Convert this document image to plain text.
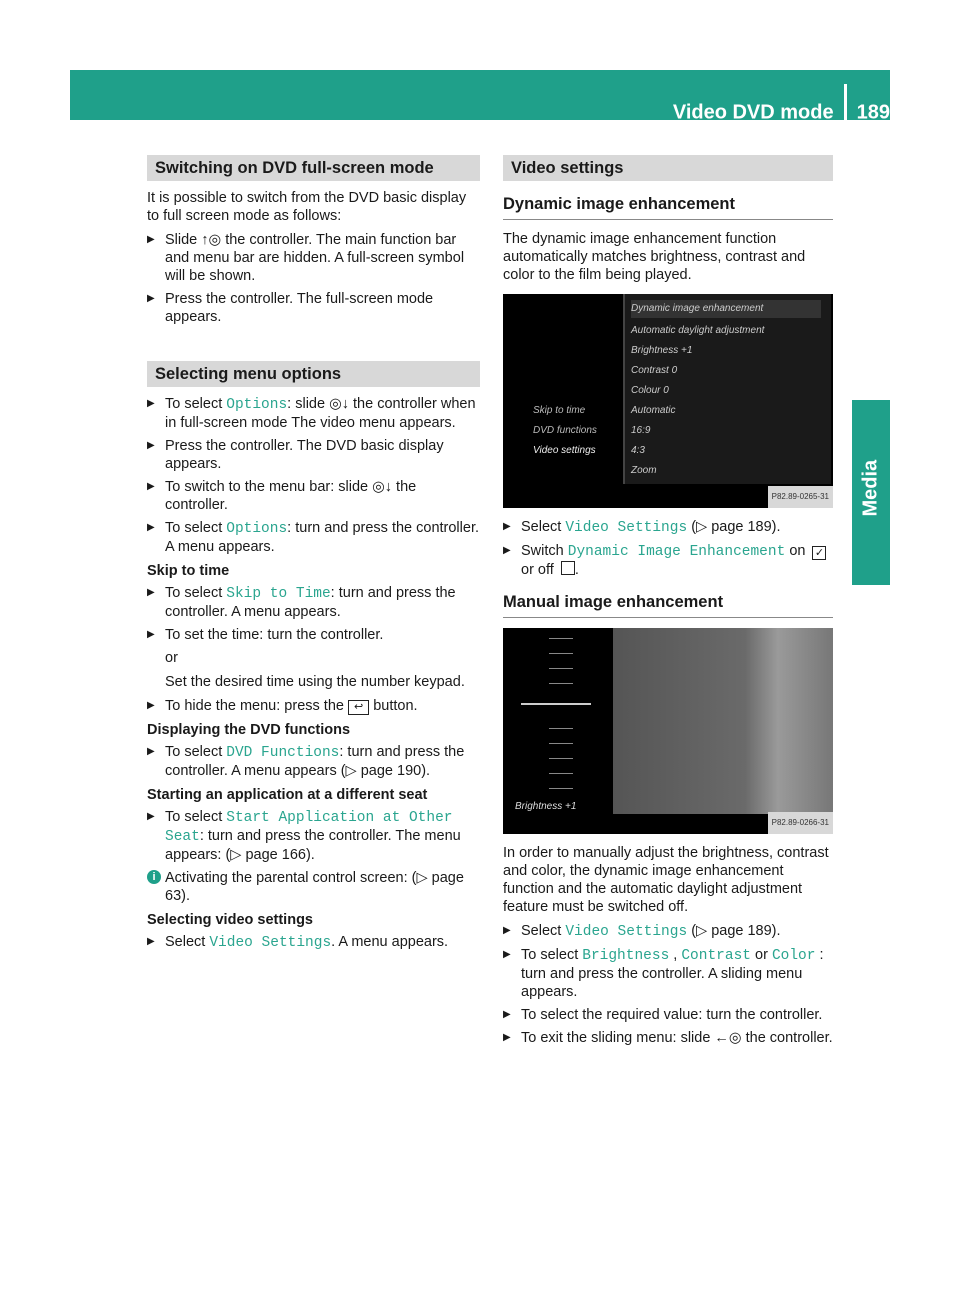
Video DVD mode 189
Media
Switching on DVD full-screen mode

It is possible to switch from the DVD basic display to full screen mode as follows:

▶ Slide ↑◎ the controller. The main function bar and menu bar are hidden. A full-screen symbol will be shown.
▶ Press the controller. The full-screen mode appears.
Selecting menu options
▶ To select Options: slide ◎↓ the controller when in full-screen mode The video menu appears.
▶ Press the controller. The DVD basic display appears.
▶ To switch to the menu bar: slide ◎↓ the controller.
▶ To select Options: turn and press the controller. A menu appears.
Skip to time
▶ To select Skip to Time: turn and press the controller. A menu appears.
▶ To set the time: turn the controller.

or

Set the desired time using the number keypad.

▶ To hide the menu: press the ↩ button.
Displaying the DVD functions
▶ To select DVD Functions: turn and press the controller. A menu appears (▷ page 190).
Starting an application at a different seat
▶ To select Start Application at Other Seat: turn and press the controller. The menu appears: (▷ page 166).
i Activating the parental control screen: (▷ page 63).
Selecting video settings
▶ Select Video Settings. A menu appears.
Video settings
Dynamic image enhancement

The dynamic image enhancement function automatically matches brightness, contrast and color to the film being played.

Skip to time
DVD functions
Video settings
Dynamic image enhancement
Automatic daylight adjustment
Brightness +1
Contrast 0
Colour 0
Automatic
16:9
4:3
Zoom
P82.89-0265-31
▶ Select Video Settings (▷ page 189).
▶ Switch Dynamic Image Enhancement on ✓
or off .
Manual image enhancement
Brightness +1
P82.89-0266-31

In order to manually adjust the brightness, contrast and color, the dynamic image enhancement function and the automatic daylight adjustment feature must be switched off.

▶ Select Video Settings (▷ page 189).
▶ To select Brightness , Contrast or Color : turn and press the controller. A sliding menu appears.
▶ To select the required value: turn the controller.
▶ To exit the sliding menu: slide ←◎ the controller.
